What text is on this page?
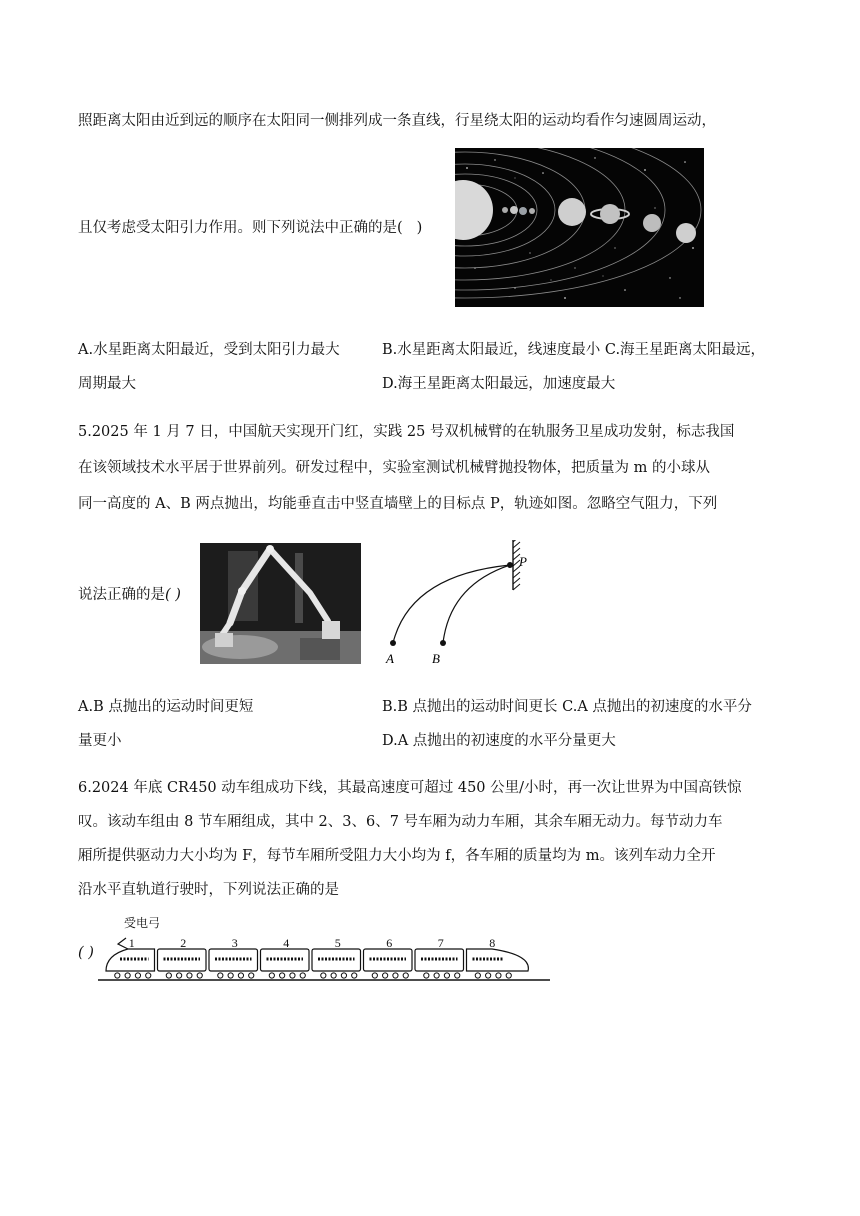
照距离太阳由近到远的顺序在太阳同一侧排列成一条直线，行星绕太阳的运动均看作匀速圆周运动，
且仅考虑受太阳引力作用。则下列说法中正确的是( )
A.水星距离太阳最近，受到太阳引力最大	B.水星距离太阳最近，线速度最小 C.海王星距离太阳最远，
周期最大	D.海王星距离太阳最远，加速度最大
5.2025 年 1 月 7 日，中国航天实现开门红，实践 25 号双机械臂的在轨服务卫星成功发射，标志我国
在该领域技术水平居于世界前列。研发过程中，实验室测试机械臂抛投物体，把质量为 m 的小球从
同一高度的 A、B 两点抛出，均能垂直击中竖直墙壁上的目标点 P，轨迹如图。忽略空气阻力，下列
P
A	B
说法正确的是( )
A.B 点抛出的运动时间更短	B.B 点抛出的运动时间更长 C.A 点抛出的初速度的水平分
量更小	D.A 点抛出的初速度的水平分量更大
6.2024 年底 CR450 动车组成功下线，其最高速度可超过 450 公里/小时，再一次让世界为中国高铁惊
叹。该动车组由 8 节车厢组成，其中 2、3、6、7 号车厢为动力车厢，其余车厢无动力。每节动力车
厢所提供驱动力大小均为 F，每节车厢所受阻力大小均为 f，各车厢的质量均为 m。该列车动力全开
沿水平直轨道行驶时，下列说法正确的是
( )
受电弓
1	2	3	4	5	6	7	8
